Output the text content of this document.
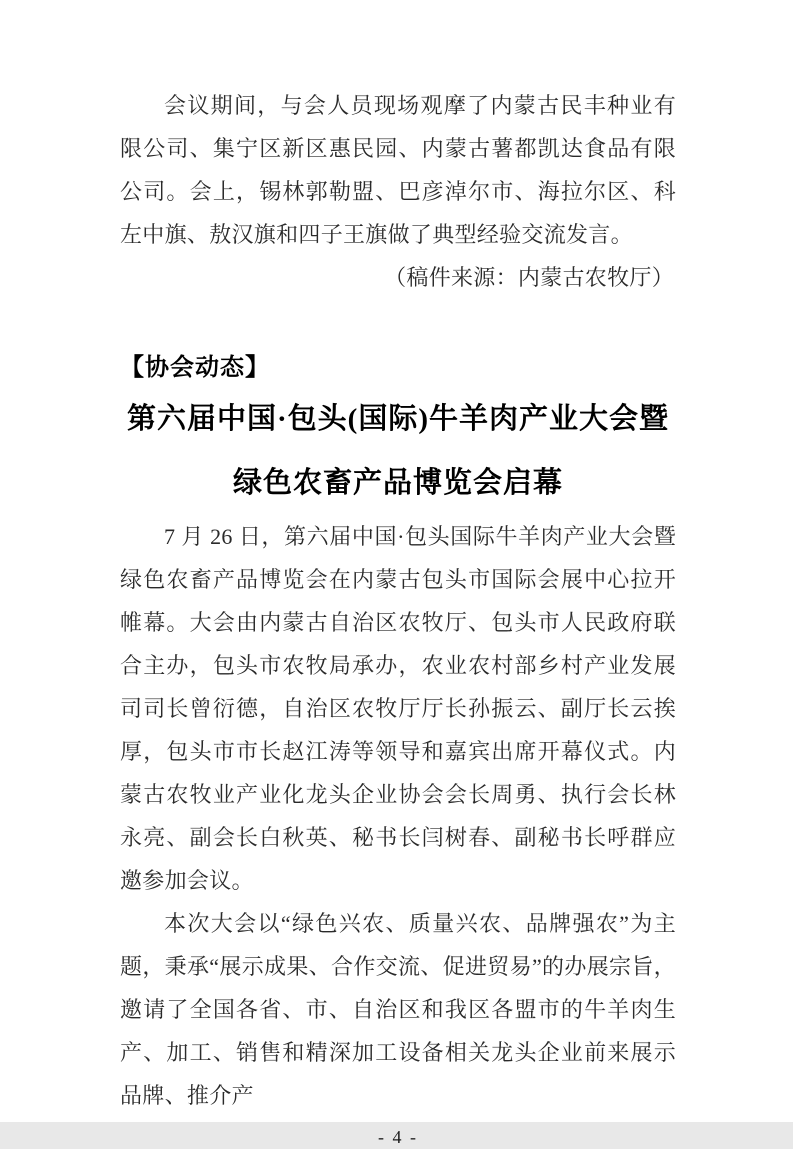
会议期间，与会人员现场观摩了内蒙古民丰种业有限公司、集宁区新区惠民园、内蒙古薯都凯达食品有限公司。会上，锡林郭勒盟、巴彦淖尔市、海拉尔区、科左中旗、敖汉旗和四子王旗做了典型经验交流发言。

（稿件来源：内蒙古农牧厅）

【协会动态】
第六届中国·包头(国际)牛羊肉产业大会暨
绿色农畜产品博览会启幕

7 月 26 日，第六届中国·包头国际牛羊肉产业大会暨绿色农畜产品博览会在内蒙古包头市国际会展中心拉开帷幕。大会由内蒙古自治区农牧厅、包头市人民政府联合主办，包头市农牧局承办，农业农村部乡村产业发展司司长曾衍德，自治区农牧厅厅长孙振云、副厅长云挨厚，包头市市长赵江涛等领导和嘉宾出席开幕仪式。内蒙古农牧业产业化龙头企业协会会长周勇、执行会长林永亮、副会长白秋英、秘书长闫树春、副秘书长呼群应邀参加会议。

本次大会以“绿色兴农、质量兴农、品牌强农”为主题，秉承“展示成果、合作交流、促进贸易”的办展宗旨，邀请了全国各省、市、自治区和我区各盟市的牛羊肉生产、加工、销售和精深加工设备相关龙头企业前来展示品牌、推介产

- 4 -
